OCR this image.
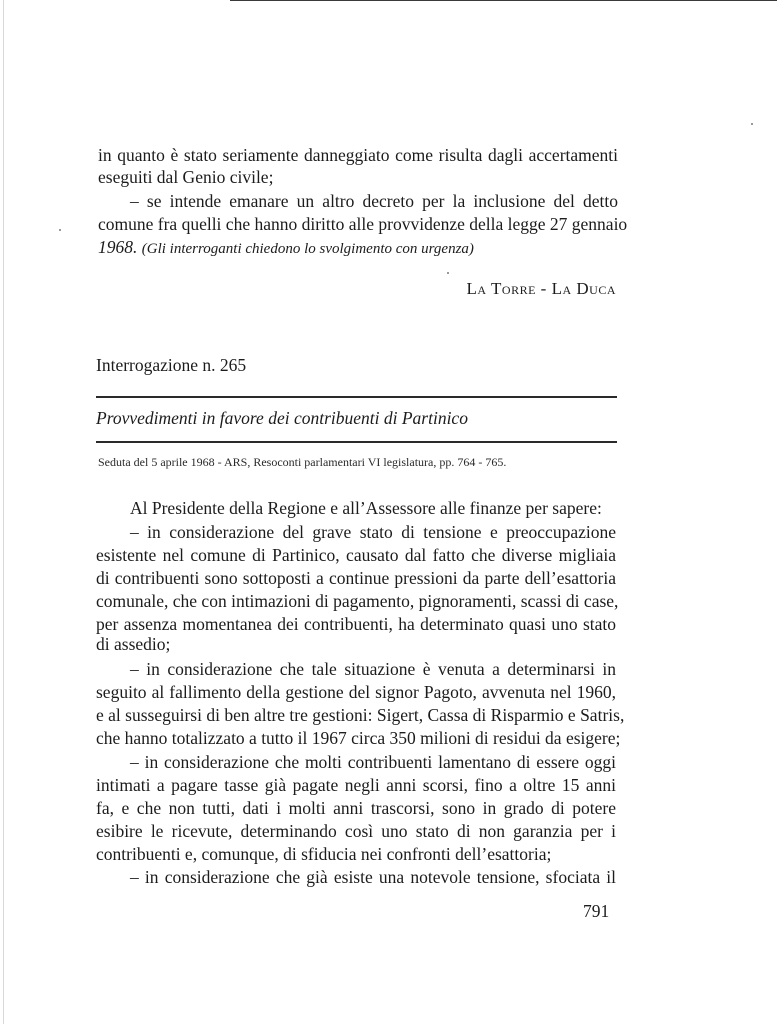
in quanto è stato seriamente danneggiato come risulta dagli accertamenti
eseguiti dal Genio civile;
– se intende emanare un altro decreto per la inclusione del detto
comune fra quelli che hanno diritto alle provvidenze della legge 27 gennaio
1968. (Gli interroganti chiedono lo svolgimento con urgenza)
La Torre - La Duca
Interrogazione n. 265
Provvedimenti in favore dei contribuenti di Partinico
Seduta del 5 aprile 1968 - ARS, Resoconti parlamentari VI legislatura, pp. 764 - 765.
Al Presidente della Regione e all’Assessore alle finanze per sapere:
– in considerazione del grave stato di tensione e preoccupazione
esistente nel comune di Partinico, causato dal fatto che diverse migliaia
di contribuenti sono sottoposti a continue pressioni da parte dell’esattoria
comunale, che con intimazioni di pagamento, pignoramenti, scassi di case,
per assenza momentanea dei contribuenti, ha determinato quasi uno stato
di assedio;
– in considerazione che tale situazione è venuta a determinarsi in
seguito al fallimento della gestione del signor Pagoto, avvenuta nel 1960,
e al susseguirsi di ben altre tre gestioni: Sigert, Cassa di Risparmio e Satris,
che hanno totalizzato a tutto il 1967 circa 350 milioni di residui da esigere;
– in considerazione che molti contribuenti lamentano di essere oggi
intimati a pagare tasse già pagate negli anni scorsi, fino a oltre 15 anni
fa, e che non tutti, dati i molti anni trascorsi, sono in grado di potere
esibire le ricevute, determinando così uno stato di non garanzia per i
contribuenti e, comunque, di sfiducia nei confronti dell’esattoria;
– in considerazione che già esiste una notevole tensione, sfociata il
791
